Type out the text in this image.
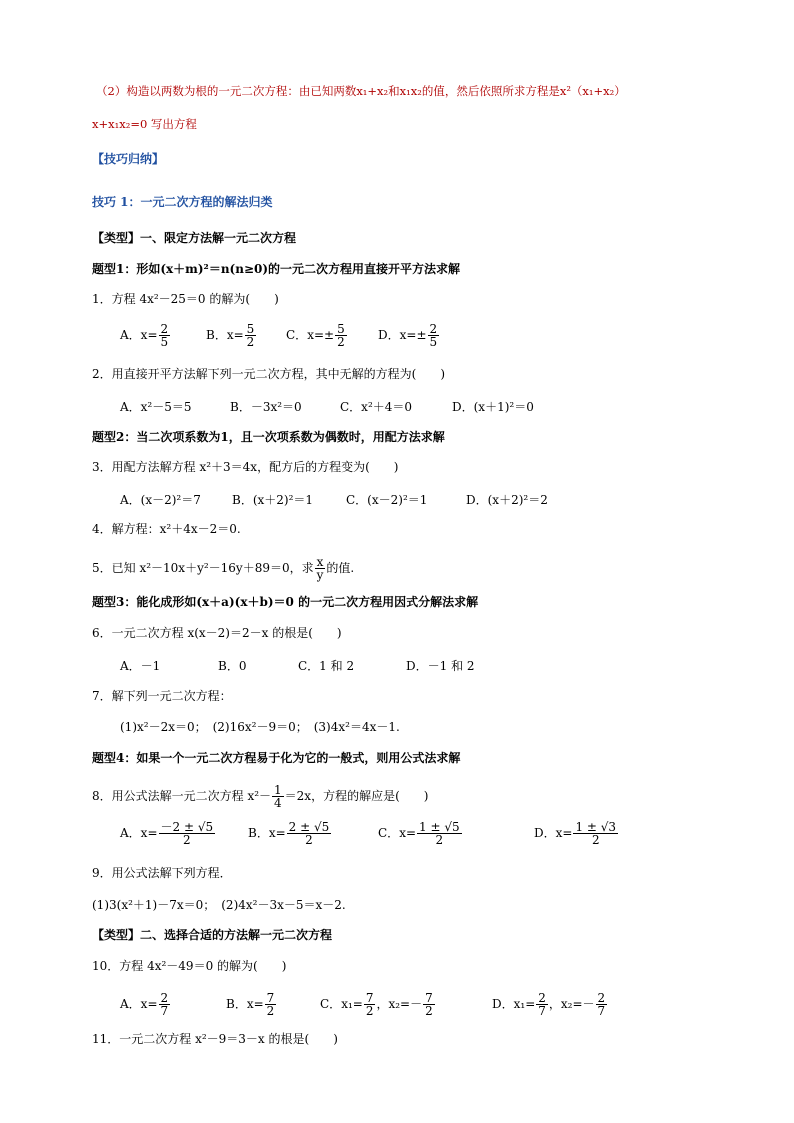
（2）构造以两数为根的一元二次方程：由已知两数x₁+x₂和x₁x₂的值，然后依照所求方程是x²（x₁+x₂）
x+x₁x₂=0 写出方程
【技巧归纳】
技巧 1：一元二次方程的解法归类
【类型】一、限定方法解一元二次方程
题型1：形如(x＋m)²＝n(n≥0)的一元二次方程用直接开平方法求解
1．方程 4x²－25＝0 的解为(　　)
A．$x= \frac{2}{5}$	B．$x= \frac{5}{2}$ C．$x=\pm \frac{5}{2}$	D．$x=\pm \frac{2}{5}$
2．用直接开平方法解下列一元二次方程，其中无解的方程为(　　)
A．x²－5＝5	B．－3x²＝0	C．x²＋4＝0	D．(x＋1)²＝0
题型2：当二次项系数为1，且一次项系数为偶数时，用配方法求解
3．用配方法解方程 x²＋3＝4x，配方后的方程变为(　　)
A．(x－2)²＝7	B．(x＋2)²＝1	C．(x－2)²＝1	D．(x＋2)²＝2
4．解方程：x²＋4x－2＝0.
5．已知 x²－10x＋y²－16y＋89＝0，求 $\frac{x}{y}$ 的值.
题型3：能化成形如(x＋a)(x＋b)＝0 的一元二次方程用因式分解法求解
6．一元二次方程 x(x－2)＝2－x 的根是(　　)
A．－1	B．0	C．1 和 2	D．－1 和 2
7．解下列一元二次方程：
(1)x²－2x＝0；　(2)16x²－9＝0；　(3)4x²＝4x－1.
题型4：如果一个一元二次方程易于化为它的一般式，则用公式法求解
8．用公式法解一元二次方程 $x^2- \frac{1}{4} =2x$，方程的解应是(　　)
A．$x= \frac{-2 \pm √5}{2}$	B．$x= \frac{2 \pm √5}{2}$	C．$x= \frac{1 \pm √5}{2}$	D．$x= \frac{1 \pm √3}{2}$
9．用公式法解下列方程．
(1)3(x²＋1)－7x＝0；　(2)4x²－3x－5＝x－2.
【类型】二、选择合适的方法解一元二次方程
10．方程 4x²－49＝0 的解为(　　)
A．$x= \frac{2}{7}$	B．$x= \frac{7}{2}$	C．$x_1= \frac{7}{2}$ ，$x_2=- \frac{7}{2}$	D．$x_1= \frac{2}{7}$ ，$x_2=- \frac{2}{7}$
11．一元二次方程 x²－9＝3－x 的根是(　　)
